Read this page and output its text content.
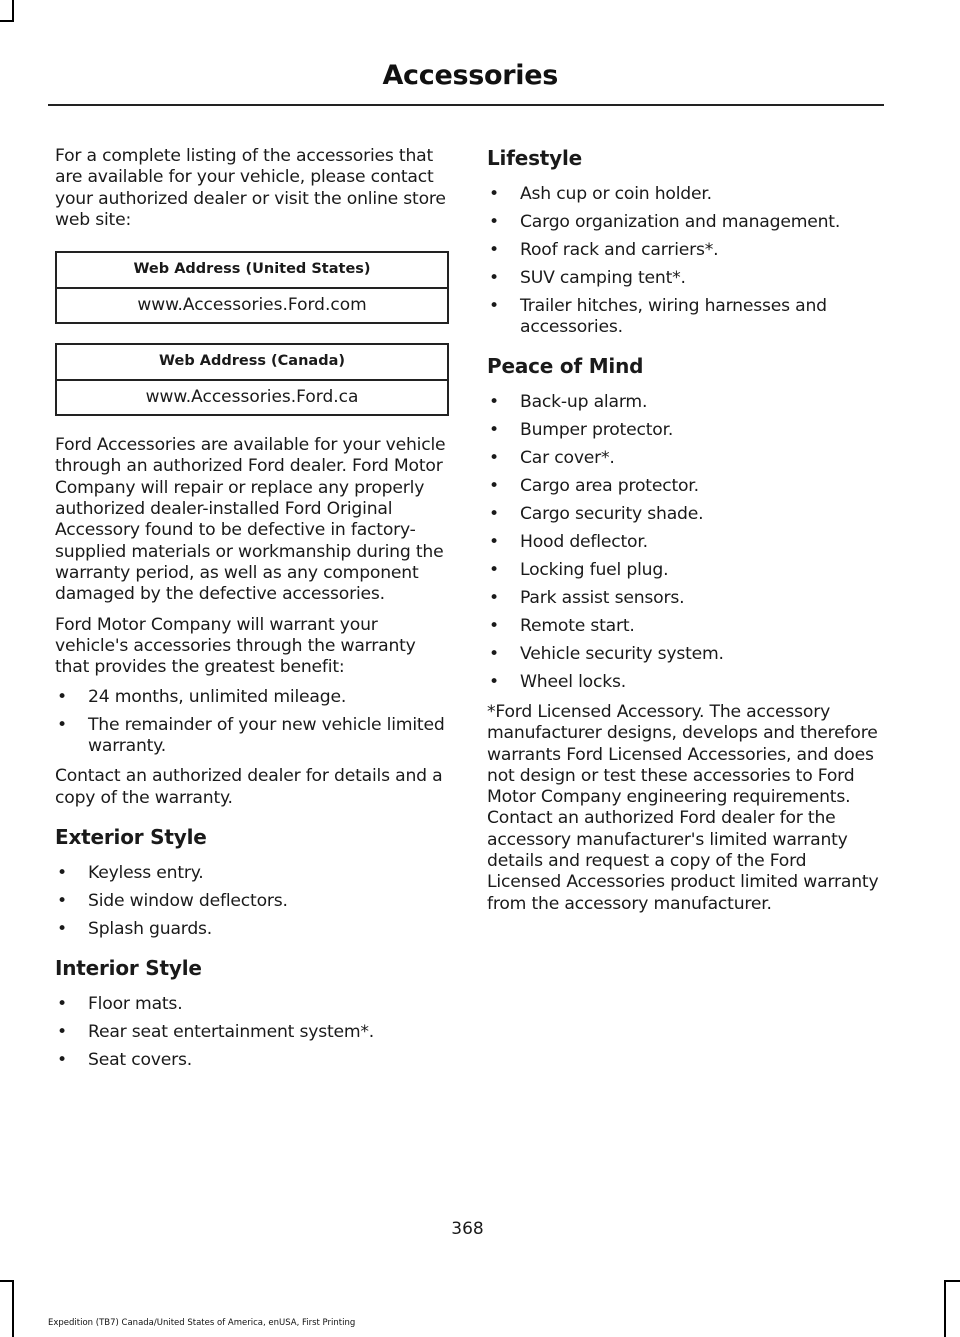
Accessories

For a complete listing of the accessories that are available for your vehicle, please contact your authorized dealer or visit the online store web site:

Web Address (United States)
www.Accessories.Ford.com
Web Address (Canada)
www.Accessories.Ford.ca

Ford Accessories are available for your vehicle through an authorized Ford dealer. Ford Motor Company will repair or replace any properly authorized dealer-installed Ford Original Accessory found to be defective in factory-supplied materials or workmanship during the warranty period, as well as any component damaged by the defective accessories.

Ford Motor Company will warrant your vehicle's accessories through the warranty that provides the greatest benefit:

• 24 months, unlimited mileage.
• The remainder of your new vehicle limited warranty.

Contact an authorized dealer for details and a copy of the warranty.

Exterior Style
• Keyless entry.
• Side window deflectors.
• Splash guards.
Interior Style
• Floor mats.
• Rear seat entertainment system*.
• Seat covers.
Lifestyle
• Ash cup or coin holder.
• Cargo organization and management.
• Roof rack and carriers*.
• SUV camping tent*.
• Trailer hitches, wiring harnesses and accessories.
Peace of Mind
• Back-up alarm.
• Bumper protector.
• Car cover*.
• Cargo area protector.
• Cargo security shade.
• Hood deflector.
• Locking fuel plug.
• Park assist sensors.
• Remote start.
• Vehicle security system.
• Wheel locks.

*Ford Licensed Accessory. The accessory manufacturer designs, develops and therefore warrants Ford Licensed Accessories, and does not design or test these accessories to Ford Motor Company engineering requirements. Contact an authorized Ford dealer for the accessory manufacturer's limited warranty details and request a copy of the Ford Licensed Accessories product limited warranty from the accessory manufacturer.

368
Expedition (TB7) Canada/United States of America, enUSA, First Printing
